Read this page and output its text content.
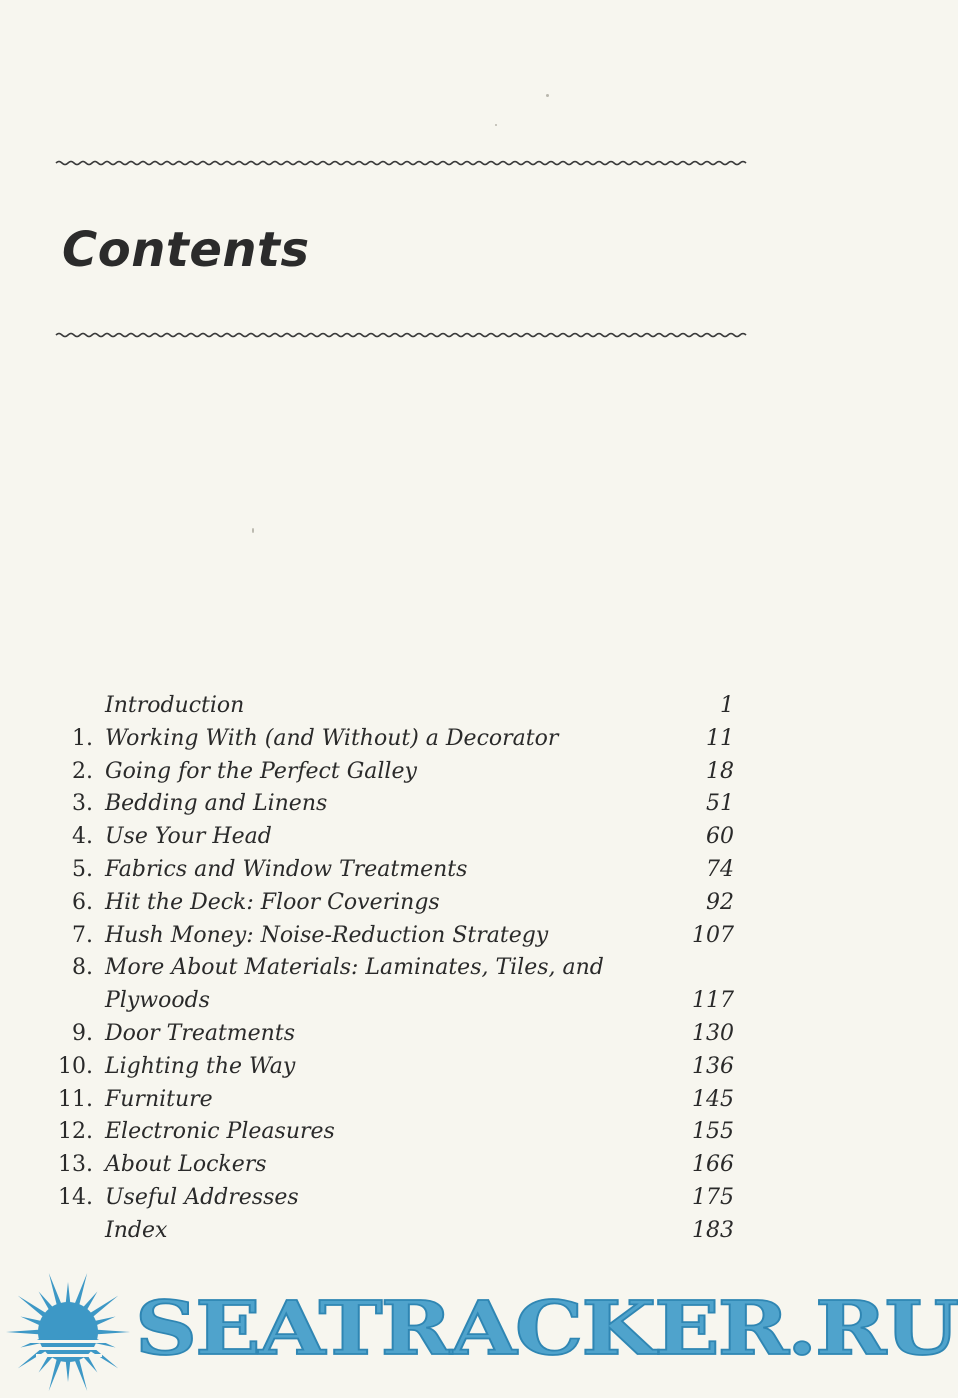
Contents
Introduction	1
1. Working With (and Without) a Decorator	11
2. Going for the Perfect Galley	18
3. Bedding and Linens	51
4. Use Your Head	60
5. Fabrics and Window Treatments	74
6. Hit the Deck: Floor Coverings	92
7. Hush Money: Noise-Reduction Strategy	107
8. More About Materials: Laminates, Tiles, and
Plywoods	117
9. Door Treatments	130
10. Lighting the Way	136
11. Furniture	145
12. Electronic Pleasures	155
13. About Lockers	166
14. Useful Addresses	175
Index	183
SEATRACKER.RU
